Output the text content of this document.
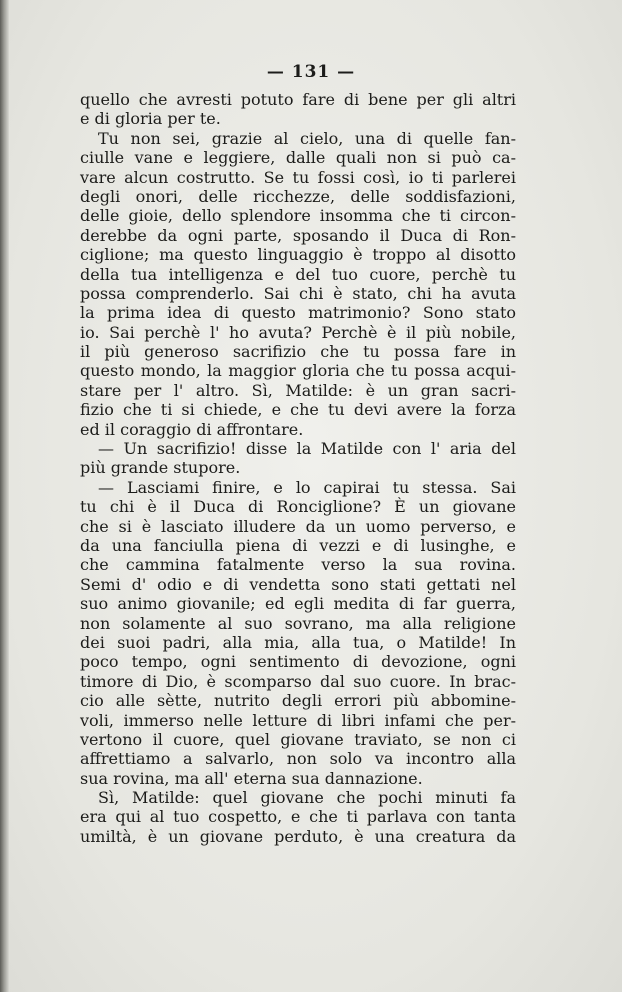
— 131 —
quello che avresti potuto fare di bene per gli altri
e di gloria per te.
Tu non sei, grazie al cielo, una di quelle fan-
ciulle vane e leggiere, dalle quali non si può ca-
vare alcun costrutto. Se tu fossi così, io ti parlerei
degli onori, delle ricchezze, delle soddisfazioni,
delle gioie, dello splendore insomma che ti circon-
derebbe da ogni parte, sposando il Duca di Ron-
ciglione; ma questo linguaggio è troppo al disotto
della tua intelligenza e del tuo cuore, perchè tu
possa comprenderlo. Sai chi è stato, chi ha avuta
la prima idea di questo matrimonio? Sono stato
io. Sai perchè l' ho avuta? Perchè è il più nobile,
il più generoso sacrifizio che tu possa fare in
questo mondo, la maggior gloria che tu possa acqui-
stare per l' altro. Sì, Matilde: è un gran sacri-
fizio che ti si chiede, e che tu devi avere la forza
ed il coraggio di affrontare.
— Un sacrifizio! disse la Matilde con l' aria del
più grande stupore.
— Lasciami finire, e lo capirai tu stessa. Sai
tu chi è il Duca di Ronciglione? È un giovane
che si è lasciato illudere da un uomo perverso, e
da una fanciulla piena di vezzi e di lusinghe, e
che cammina fatalmente verso la sua rovina.
Semi d' odio e di vendetta sono stati gettati nel
suo animo giovanile; ed egli medita di far guerra,
non solamente al suo sovrano, ma alla religione
dei suoi padri, alla mia, alla tua, o Matilde! In
poco tempo, ogni sentimento di devozione, ogni
timore di Dio, è scomparso dal suo cuore. In brac-
cio alle sètte, nutrito degli errori più abbomine-
voli, immerso nelle letture di libri infami che per-
vertono il cuore, quel giovane traviato, se non ci
affrettiamo a salvarlo, non solo va incontro alla
sua rovina, ma all' eterna sua dannazione.
Sì, Matilde: quel giovane che pochi minuti fa
era qui al tuo cospetto, e che ti parlava con tanta
umiltà, è un giovane perduto, è una creatura da
